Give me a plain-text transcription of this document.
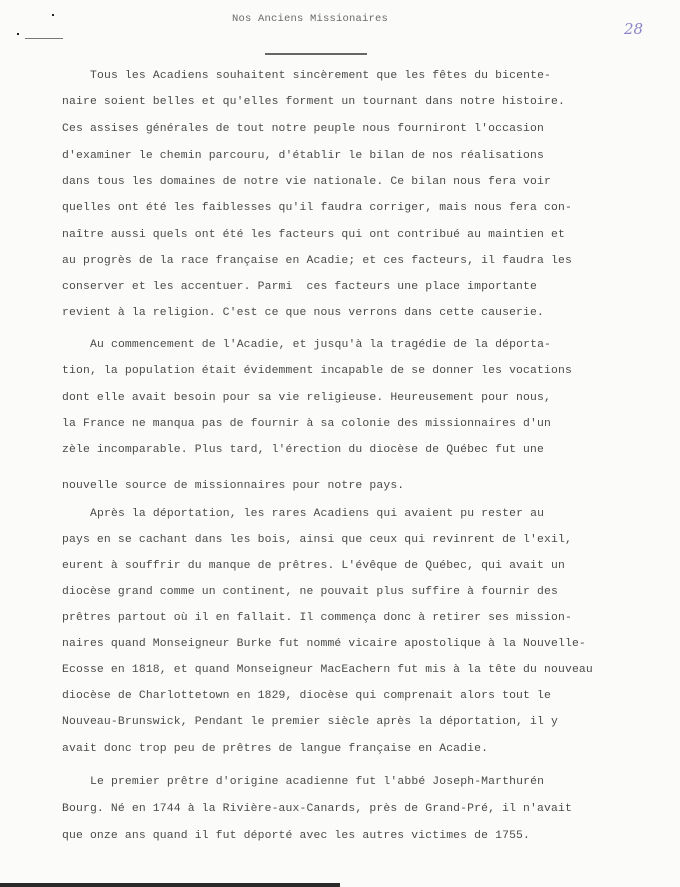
Nos Anciens Missionaires
28
Tous les Acadiens souhaitent sincèrement que les fêtes du bicente-
naire soient belles et qu'elles forment un tournant dans notre histoire.
Ces assises générales de tout notre peuple nous fourniront l'occasion
d'examiner le chemin parcouru, d'établir le bilan de nos réalisations
dans tous les domaines de notre vie nationale. Ce bilan nous fera voir
quelles ont été les faiblesses qu'il faudra corriger, mais nous fera con-
naître aussi quels ont été les facteurs qui ont contribué au maintien et
au progrès de la race française en Acadie; et ces facteurs, il faudra les
conserver et les accentuer. Parmi  ces facteurs une place importante
revient à la religion. C'est ce que nous verrons dans cette causerie.
Au commencement de l'Acadie, et jusqu'à la tragédie de la déporta-
tion, la population était évidemment incapable de se donner les vocations
dont elle avait besoin pour sa vie religieuse. Heureusement pour nous,
la France ne manqua pas de fournir à sa colonie des missionnaires d'un
zèle incomparable. Plus tard, l'érection du diocèse de Québec fut une
nouvelle source de missionnaires pour notre pays.
Après la déportation, les rares Acadiens qui avaient pu rester au
pays en se cachant dans les bois, ainsi que ceux qui revinrent de l'exil,
eurent à souffrir du manque de prêtres. L'évêque de Québec, qui avait un
diocèse grand comme un continent, ne pouvait plus suffire à fournir des
prêtres partout où il en fallait. Il commença donc à retirer ses mission-
naires quand Monseigneur Burke fut nommé vicaire apostolique à la Nouvelle-
Ecosse en 1818, et quand Monseigneur MacEachern fut mis à la tête du nouveau
diocèse de Charlottetown en 1829, diocèse qui comprenait alors tout le
Nouveau-Brunswick, Pendant le premier siècle après la déportation, il y
avait donc trop peu de prêtres de langue française en Acadie.
Le premier prêtre d'origine acadienne fut l'abbé Joseph-Marthurén
Bourg. Né en 1744 à la Rivière-aux-Canards, près de Grand-Pré, il n'avait
que onze ans quand il fut déporté avec les autres victimes de 1755.
